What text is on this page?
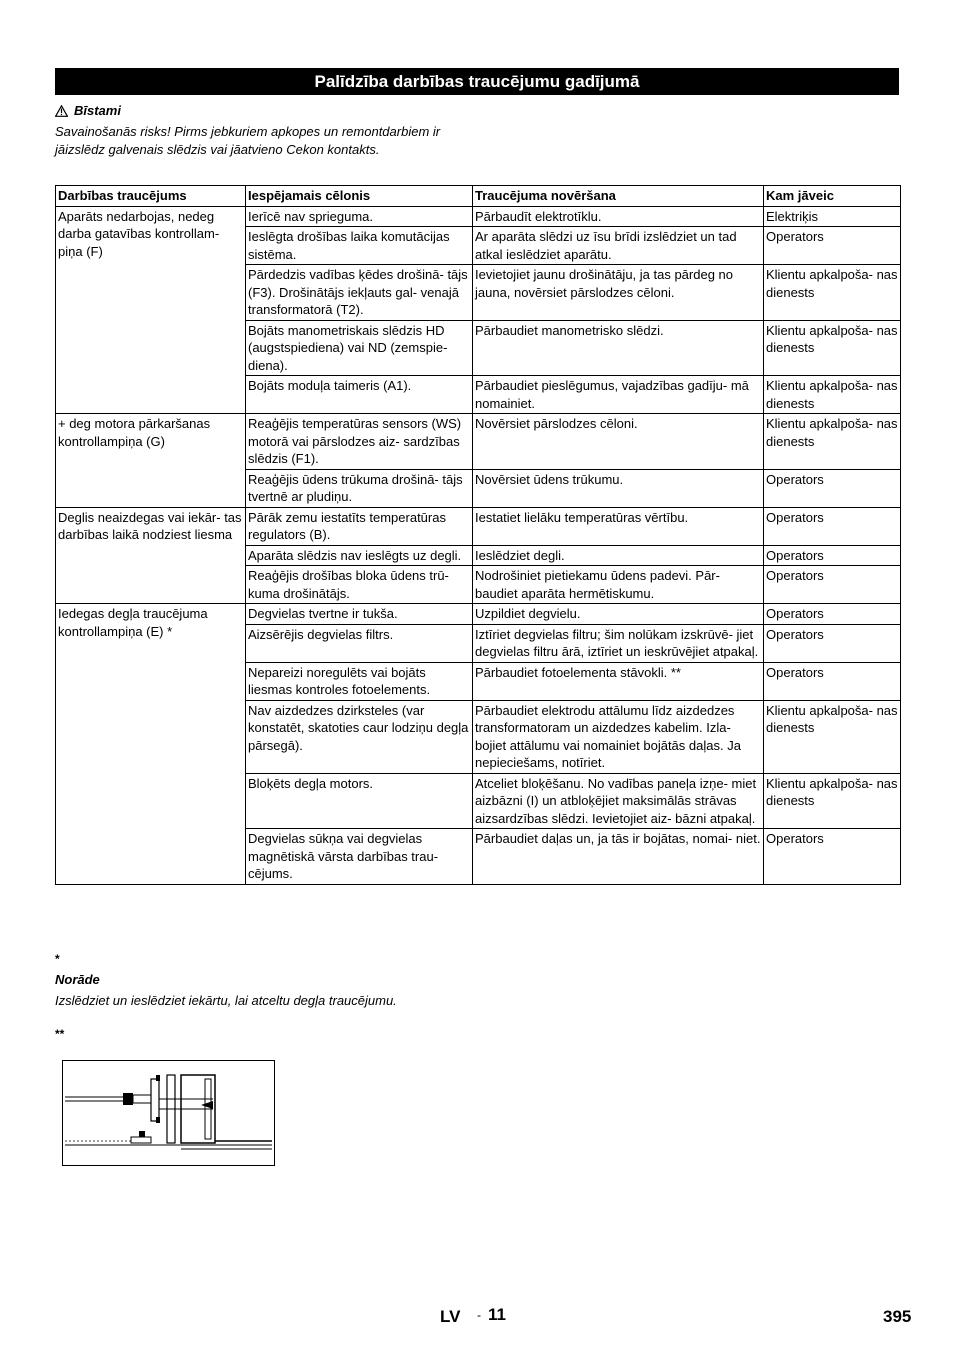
Palīdzība darbības traucējumu gadījumā
Bīstami
Savainošanās risks! Pirms jebkuriem apkopes un remontdarbiem ir jāizslēdz galvenais slēdzis vai jāatvieno Cekon kontakts.
Darbības traucējums	Iespējamais cēlonis	Traucējuma novēršana	Kam jāveic
Aparāts nedarbojas, nedeg darba gatavības kontrollam- piņa (F)	Ierīcē nav sprieguma.	Pārbaudīt elektrotīklu.	Elektriķis
	Ieslēgta drošības laika komutācijas sistēma.	Ar aparāta slēdzi uz īsu brīdi izslēdziet un tad atkal ieslēdziet aparātu.	Operators
	Pārdedzis vadības ķēdes drošinā- tājs (F3). Drošinātājs iekļauts gal- venajā transformatorā (T2).	Ievietojiet jaunu drošinātāju, ja tas pārdeg no jauna, novērsiet pārslodzes cēloni.	Klientu apkalpoša- nas dienests
	Bojāts manometriskais slēdzis HD (augstspiediena) vai ND (zemspie- diena).	Pārbaudiet manometrisko slēdzi.	Klientu apkalpoša- nas dienests
	Bojāts moduļa taimeris (A1).	Pārbaudiet pieslēgumus, vajadzības gadīju- mā nomainiet.	Klientu apkalpoša- nas dienests
+ deg motora pārkaršanas kontrollampiņa (G)	Reaģējis temperatūras sensors (WS) motorā vai pārslodzes aiz- sardzības slēdzis (F1).	Novērsiet pārslodzes cēloni.	Klientu apkalpoša- nas dienests
	Reaģējis ūdens trūkuma drošinā- tājs tvertnē ar pludiņu.	Novērsiet ūdens trūkumu.	Operators
Deglis neaizdegas vai iekār- tas darbības laikā nodziest liesma	Pārāk zemu iestatīts temperatūras regulators (B).	Iestatiet lielāku temperatūras vērtību.	Operators
	Aparāta slēdzis nav ieslēgts uz degli.	Ieslēdziet degli.	Operators
	Reaģējis drošības bloka ūdens trū- kuma drošinātājs.	Nodrošiniet pietiekamu ūdens padevi. Pār- baudiet aparāta hermētiskumu.	Operators
Iedegas degļa traucējuma kontrollampiņa (E) *	Degvielas tvertne ir tukša.	Uzpildiet degvielu.	Operators
	Aizsērējis degvielas filtrs.	Iztīriet degvielas filtru; šim nolūkam izskrūvē- jiet degvielas filtru ārā, iztīriet un ieskrūvējiet atpakaļ.	Operators
	Nepareizi noregulēts vai bojāts liesmas kontroles fotoelements.	Pārbaudiet fotoelementa stāvokli. **	Operators
	Nav aizdedzes dzirksteles (var konstatēt, skatoties caur lodziņu degļa pārsegā).	Pārbaudiet elektrodu attālumu līdz aizdedzes transformatoram un aizdedzes kabelim. Izla- bojiet attālumu vai nomainiet bojātās daļas. Ja nepieciešams, notīriet.	Klientu apkalpoša- nas dienests
	Bloķēts degļa motors.	Atceliet bloķēšanu. No vadības paneļa izņe- miet aizbāzni (I) un atbloķējiet maksimālās strāvas aizsardzības slēdzi. Ievietojiet aiz- bāzni atpakaļ.	Klientu apkalpoša- nas dienests
	Degvielas sūkņa vai degvielas magnētiskā vārsta darbības trau- cējums.	Pārbaudiet daļas un, ja tās ir bojātas, nomai- niet.	Operators
*
Norāde
Izslēdziet un ieslēdziet iekārtu, lai atceltu degļa traucējumu.
**
LV - 11	395
